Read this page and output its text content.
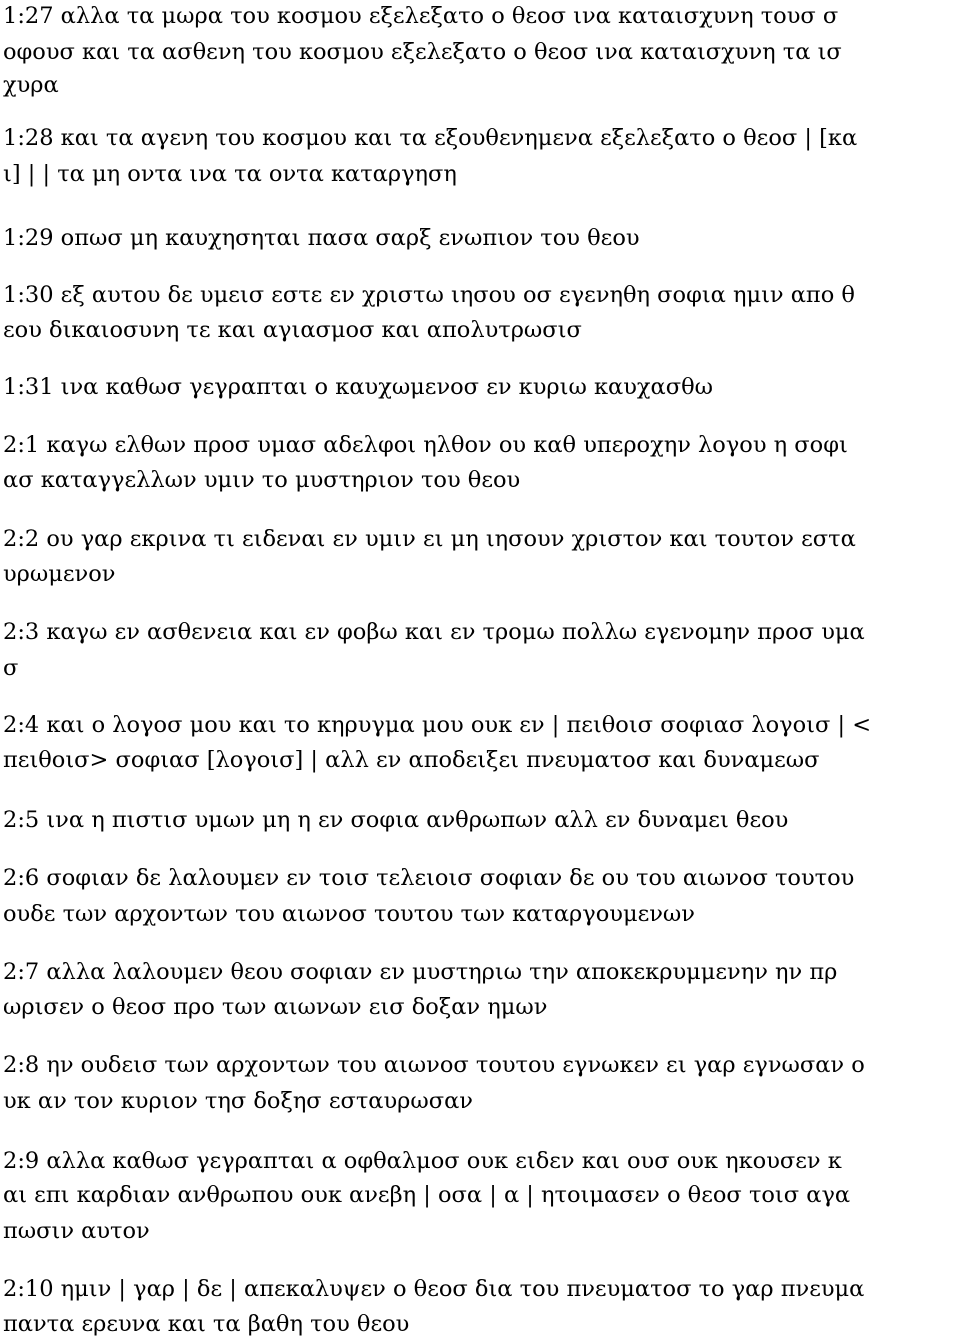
1:27 αλλα τα μωρα του κοσμου εξελεξατο ο θεοσ ινα καταισχυνη τουσ σ
οφουσ και τα ασθενη του κοσμου εξελεξατο ο θεοσ ινα καταισχυνη τα ισ
χυρα
1:28 και τα αγενη του κοσμου και τα εξουθενημενα εξελεξατο ο θεοσ | [κα
ι] | | τα μη οντα ινα τα οντα καταργηση
1:29 οπωσ μη καυχησηται πασα σαρξ ενωπιον του θεου
1:30 εξ αυτου δε υμεισ εστε εν χριστω ιησου οσ εγενηθη σοφια ημιν απο θ
εου δικαιοσυνη τε και αγιασμοσ και απολυτρωσισ
1:31 ινα καθωσ γεγραπται ο καυχωμενοσ εν κυριω καυχασθω
2:1 καγω ελθων προσ υμασ αδελφοι ηλθον ου καθ υπεροχην λογου η σοφι
ασ καταγγελλων υμιν το μυστηριον του θεου
2:2 ου γαρ εκρινα τι ειδεναι εν υμιν ει μη ιησουν χριστον και τουτον εστα
υρωμενον
2:3 καγω εν ασθενεια και εν φοβω και εν τρομω πολλω εγενομην προσ υμα
σ
2:4 και ο λογοσ μου και το κηρυγμα μου ουκ εν | πειθοισ σοφιασ λογοισ | <
πειθοισ> σοφιασ [λογοισ] | αλλ εν αποδειξει πνευματοσ και δυναμεωσ
2:5 ινα η πιστισ υμων μη η εν σοφια ανθρωπων αλλ εν δυναμει θεου
2:6 σοφιαν δε λαλουμεν εν τοισ τελειοισ σοφιαν δε ου του αιωνοσ τουτου
ουδε των αρχοντων του αιωνοσ τουτου των καταργουμενων
2:7 αλλα λαλουμεν θεου σοφιαν εν μυστηριω την αποκεκρυμμενην ην πρ
ωρισεν ο θεοσ προ των αιωνων εισ δοξαν ημων
2:8 ην ουδεισ των αρχοντων του αιωνοσ τουτου εγνωκεν ει γαρ εγνωσαν ο
υκ αν τον κυριον τησ δοξησ εσταυρωσαν
2:9 αλλα καθωσ γεγραπται α οφθαλμοσ ουκ ειδεν και ουσ ουκ ηκουσεν κ
αι επι καρδιαν ανθρωπου ουκ ανεβη | οσα | α | ητοιμασεν ο θεοσ τοισ αγα
πωσιν αυτον
2:10 ημιν | γαρ | δε | απεκαλυψεν ο θεοσ δια του πνευματοσ το γαρ πνευμα
παντα ερευνα και τα βαθη του θεου
